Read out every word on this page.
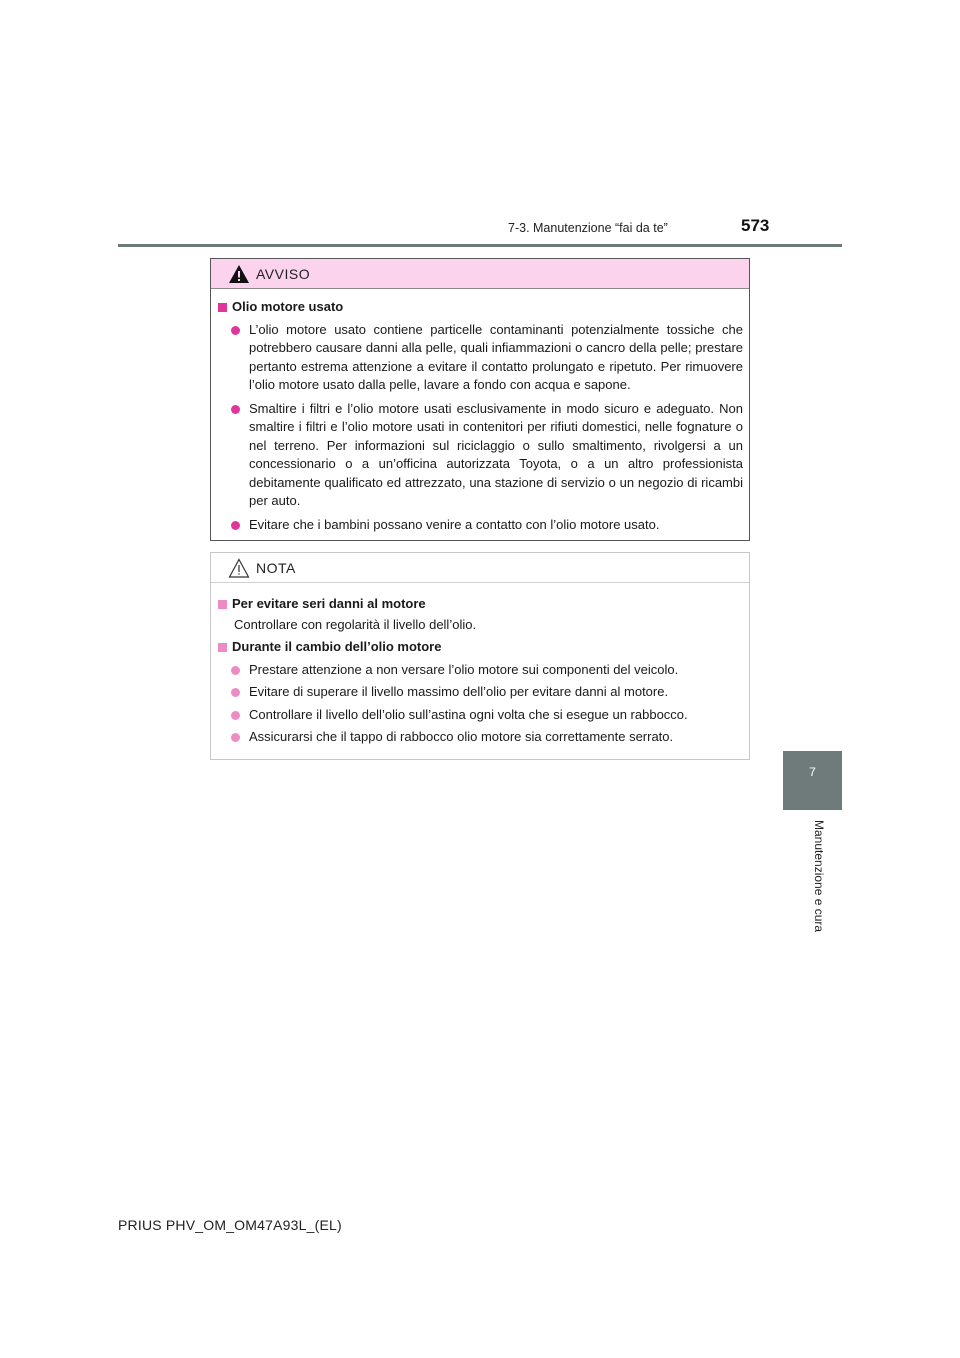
7-3. Manutenzione “fai da te”	573
7
Manutenzione e cura
AVVISO
Olio motore usato
L’olio motore usato contiene particelle contaminanti potenzialmente tossiche che potrebbero causare danni alla pelle, quali infiammazioni o cancro della pelle; prestare pertanto estrema attenzione a evitare il contatto prolungato e ripetuto. Per rimuovere l’olio motore usato dalla pelle, lavare a fondo con acqua e sapone.
Smaltire i filtri e l’olio motore usati esclusivamente in modo sicuro e adeguato. Non smaltire i filtri e l’olio motore usati in contenitori per rifiuti domestici, nelle fognature o nel terreno. Per informazioni sul riciclaggio o sullo smaltimento, rivolgersi a un concessionario o a un’officina autorizzata Toyota, o a un altro professionista debitamente qualificato ed attrezzato, una stazione di servizio o un negozio di ricambi per auto.
Evitare che i bambini possano venire a contatto con l’olio motore usato.
NOTA
Per evitare seri danni al motore
Controllare con regolarità il livello dell’olio.
Durante il cambio dell’olio motore
Prestare attenzione a non versare l’olio motore sui componenti del veicolo.
Evitare di superare il livello massimo dell’olio per evitare danni al motore.
Controllare il livello dell’olio sull’astina ogni volta che si esegue un rabbocco.
Assicurarsi che il tappo di rabbocco olio motore sia correttamente serrato.
PRIUS PHV_OM_OM47A93L_(EL)
